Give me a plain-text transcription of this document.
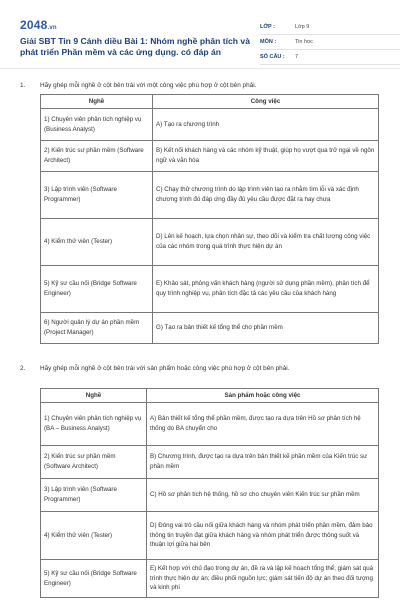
2048.vn
Giải SBT Tin 9 Cánh diều Bài 1: Nhóm nghề phân tích và phát triển Phần mềm và các ứng dụng. có đáp án
LỚP :	Lớp 9
MÔN :	Tin học
SỐ CÂU :	7
1. Hãy ghép mỗi nghề ở cột bên trái với một công việc phù hợp ở cột bên phải.
Nghề	Công việc
1) Chuyên viên phân tích nghiệp vụ (Business Analyst)	A) Tạo ra chương trình
2) Kiến trúc sư phần mềm (Software Architect)	B) Kết nối khách hàng và các nhóm kỹ thuật, giúp họ vượt qua trở ngại về ngôn ngữ và văn hóa
3) Lập trình viên (Software Programmer)	C) Chạy thử chương trình do lập trình viên tạo ra nhằm tìm lỗi và xác định chương trình đó đáp ứng đầy đủ yêu cầu được đặt ra hay chưa
4) Kiểm thử viên (Tester)	D) Lên kế hoạch, lựa chọn nhân sự, theo dõi và kiểm tra chất lượng công việc của các nhóm trong quá trình thực hiện dự án
5) Kỹ sư cầu nối (Bridge Software Engineer)	E) Khảo sát, phỏng vấn khách hàng (người sử dụng phần mềm), phân tích để quy trình nghiệp vụ, phân tích đặc tả các yêu cầu của khách hàng
6) Người quản lý dự án phần mềm (Project Manager)	G) Tạo ra bản thiết kế tổng thể cho phần mềm
2. Hãy ghép mỗi nghề ở cột bên trái với sản phẩm hoặc công việc phù hợp ở cột bên phải.
Nghề	Sản phẩm hoặc công việc
1) Chuyên viên phân tích nghiệp vụ (BA – Business Analyst)	A) Bản thiết kế tổng thể phần mềm, được tạo ra dựa trên Hồ sơ phân tích hệ thống do BA chuyển cho
2) Kiến trúc sư phần mềm (Software Architect)	B) Chương trình, được tạo ra dựa trên bản thiết kế phần mềm của Kiến trúc sư phần mềm
3) Lập trình viên (Software Programmer)	C) Hồ sơ phân tích hệ thống, hồ sơ cho chuyên viên Kiến trúc sư phần mềm
4) Kiểm thử viên (Tester)	D) Đóng vai trò cầu nối giữa khách hàng và nhóm phát triển phần mềm, đảm bảo thông tin truyền đạt giữa khách hàng và nhóm phát triển được thông suốt và thuận lợi giữa hai bên
5) Kỹ sư cầu nối (Bridge Software Engineer)	E) Kết hợp với chủ đạo trong dự án, đề ra và lập kế hoạch tổng thể; giám sát quá trình thực hiện dự án; điều phối nguồn lực; giám sát tiến độ dự án theo đối tượng và kinh phí
